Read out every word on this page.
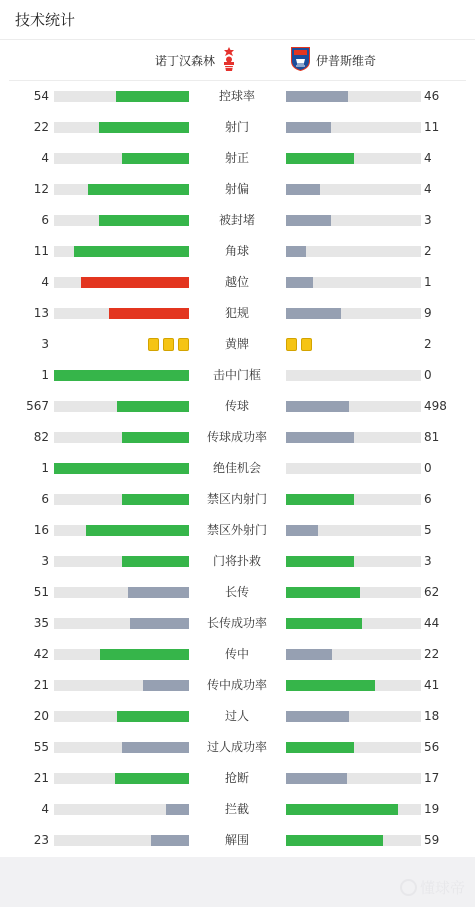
技术统计
诺丁汉森林	伊普斯维奇
54	控球率	46
22	射门	11
4	射正	4
12	射偏	4
6	被封堵	3
11	角球	2
4	越位	1
13	犯规	9
3	黄牌	2
1	击中门框	0
567	传球	498
82	传球成功率	81
1	绝佳机会	0
6	禁区内射门	6
16	禁区外射门	5
3	门将扑救	3
51	长传	62
35	长传成功率	44
42	传中	22
21	传中成功率	41
20	过人	18
55	过人成功率	56
21	抢断	17
4	拦截	19
23	解围	59
懂球帝
